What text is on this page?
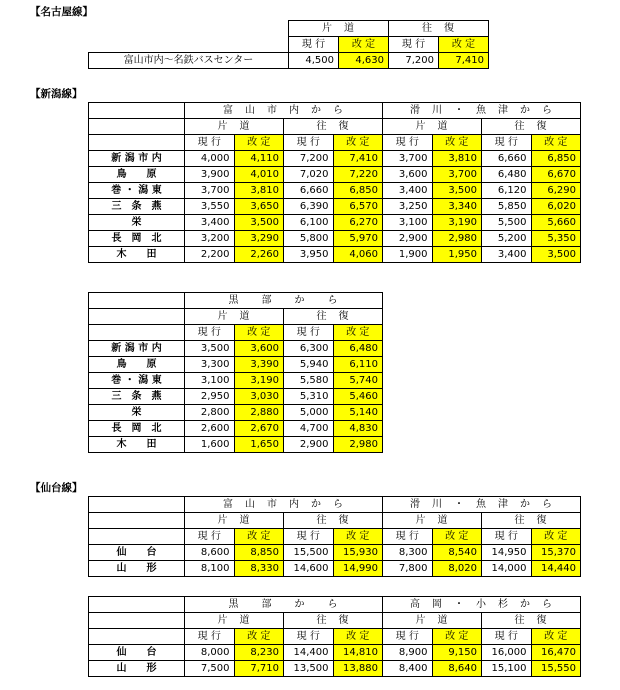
【名古屋線】
	片　道		往　復	
	現 行	改 定	現 行	改 定
富山市内～名鉄バスセンター	4,500	4,630	7,200	7,410
【新潟線】
	富　山　市　内　か　ら				滑　川　・　魚　津　か　ら			
	片　道		往　復		片　道		往　復	
	現 行	改 定	現 行	改 定	現 行	改 定	現 行	改 定
新 潟 市 内	4,000	4,110	7,200	7,410	3,700	3,810	6,660	6,850
鳥　　原	3,900	4,010	7,020	7,220	3,600	3,700	6,480	6,670
巻 ・ 潟 東	3,700	3,810	6,660	6,850	3,400	3,500	6,120	6,290
三　条　燕	3,550	3,650	6,390	6,570	3,250	3,340	5,850	6,020
栄	3,400	3,500	6,100	6,270	3,100	3,190	5,500	5,660
長　岡　北	3,200	3,290	5,800	5,970	2,900	2,980	5,200	5,350
木　　田	2,200	2,260	3,950	4,060	1,900	1,950	3,400	3,500
	黒　　部　　か　　ら			
	片　道		往　復	
	現 行	改 定	現 行	改 定
新 潟 市 内	3,500	3,600	6,300	6,480
鳥　　原	3,300	3,390	5,940	6,110
巻 ・ 潟 東	3,100	3,190	5,580	5,740
三　条　燕	2,950	3,030	5,310	5,460
栄	2,800	2,880	5,000	5,140
長　岡　北	2,600	2,670	4,700	4,830
木　　田	1,600	1,650	2,900	2,980
【仙台線】
	富　山　市　内　か　ら				滑　川　・　魚　津　か　ら			
	片　道		往　復		片　道		往　復	
	現 行	改 定	現 行	改 定	現 行	改 定	現 行	改 定
仙　　台	8,600	8,850	15,500	15,930	8,300	8,540	14,950	15,370
山　　形	8,100	8,330	14,600	14,990	7,800	8,020	14,000	14,440
	黒　　部　　か　　ら				高　岡　・　小　杉　か　ら			
	片　道		往　復		片　道		往　復	
	現 行	改 定	現 行	改 定	現 行	改 定	現 行	改 定
仙　　台	8,000	8,230	14,400	14,810	8,900	9,150	16,000	16,470
山　　形	7,500	7,710	13,500	13,880	8,400	8,640	15,100	15,550
